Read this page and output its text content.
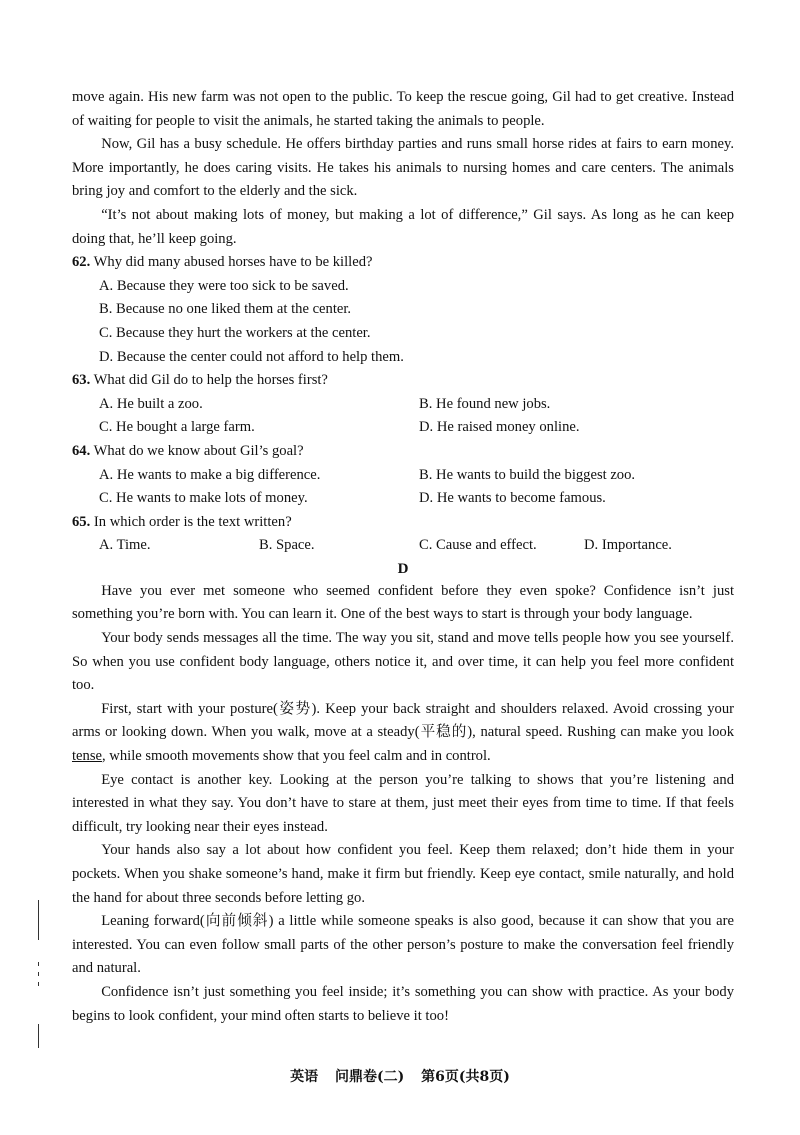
move again. His new farm was not open to the public. To keep the rescue going, Gil had to get creative. Instead of waiting for people to visit the animals, he started taking the animals to people.

Now, Gil has a busy schedule. He offers birthday parties and runs small horse rides at fairs to earn money. More importantly, he does caring visits. He takes his animals to nursing homes and care centers. The animals bring joy and comfort to the elderly and the sick.

“It’s not about making lots of money, but making a lot of difference,” Gil says. As long as he can keep doing that, he’ll keep going.

62. Why did many abused horses have to be killed?

A. Because they were too sick to be saved.
B. Because no one liked them at the center.
C. Because they hurt the workers at the center.
D. Because the center could not afford to help them.

63. What did Gil do to help the horses first?

A. He built a zoo.	B. He found new jobs.
C. He bought a large farm.	D. He raised money online.

64. What do we know about Gil’s goal?

A. He wants to make a big difference.	B. He wants to build the biggest zoo.
C. He wants to make lots of money.	D. He wants to become famous.

65. In which order is the text written?

A. Time.	B. Space.	C. Cause and effect.	D. Importance.

D

Have you ever met someone who seemed confident before they even spoke? Confidence isn’t just something you’re born with. You can learn it. One of the best ways to start is through your body language.

Your body sends messages all the time. The way you sit, stand and move tells people how you see yourself. So when you use confident body language, others notice it, and over time, it can help you feel more confident too.

First, start with your posture(姿势). Keep your back straight and shoulders relaxed. Avoid crossing your arms or looking down. When you walk, move at a steady(平稳的), natural speed. Rushing can make you look tense, while smooth movements show that you feel calm and in control.

Eye contact is another key. Looking at the person you’re talking to shows that you’re listening and interested in what they say. You don’t have to stare at them, just meet their eyes from time to time. If that feels difficult, try looking near their eyes instead.

Your hands also say a lot about how confident you feel. Keep them relaxed; don’t hide them in your pockets. When you shake someone’s hand, make it firm but friendly. Keep eye contact, smile naturally, and hold the hand for about three seconds before letting go.

Leaning forward(向前倾斜) a little while someone speaks is also good, because it can show that you are interested. You can even follow small parts of the other person’s posture to make the conversation feel friendly and natural.

Confidence isn’t just something you feel inside; it’s something you can show with practice. As your body begins to look confident, your mind often starts to believe it too!

英语 问鼎卷(二) 第6页(共8页)
